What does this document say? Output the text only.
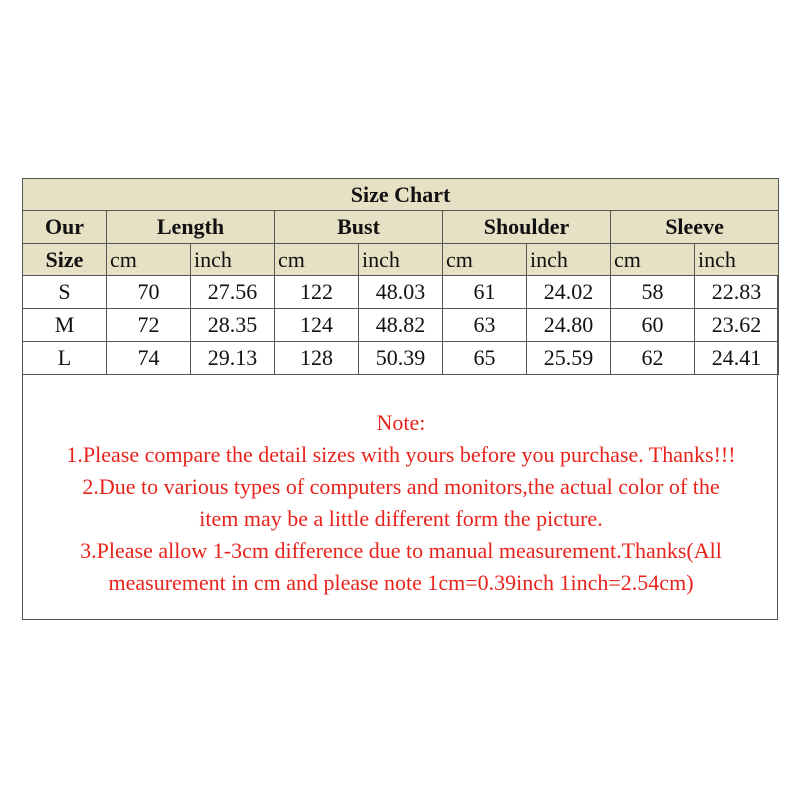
Size Chart								
Our	Length		Bust		Shoulder		Sleeve	
Size	cm	inch	cm	inch	cm	inch	cm	inch
S	70	27.56	122	48.03	61	24.02	58	22.83
M	72	28.35	124	48.82	63	24.80	60	23.62
L	74	29.13	128	50.39	65	25.59	62	24.41
Note:
1.Please compare the detail sizes with yours before you purchase. Thanks!!!
2.Due to various types of computers and monitors,the actual color of the
item may be a little different form the picture.
3.Please allow 1-3cm difference due to manual measurement.Thanks(All
measurement in cm and please note 1cm=0.39inch 1inch=2.54cm)
